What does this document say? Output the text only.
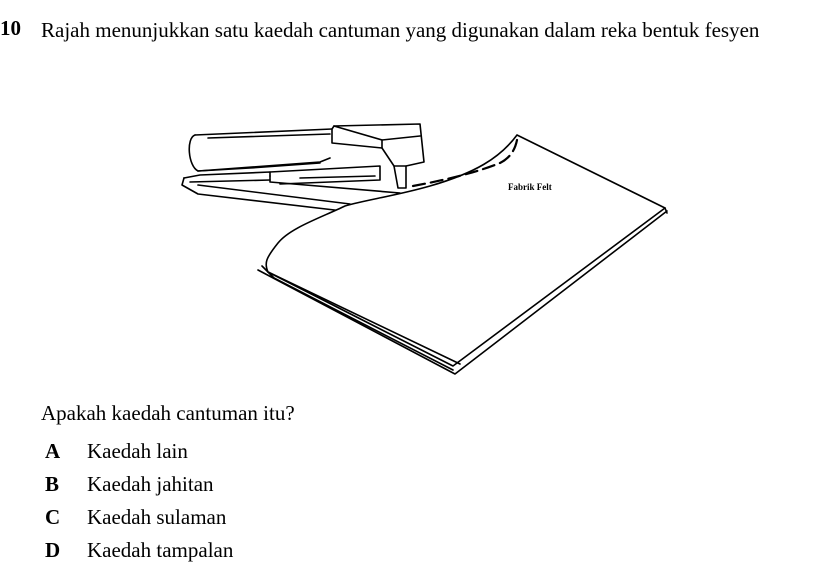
10 Rajah menunjukkan satu kaedah cantuman yang digunakan dalam reka bentuk fesyen
Fabrik Felt
Apakah kaedah cantuman itu?
A	Kaedah lain
B	Kaedah jahitan
C	Kaedah sulaman
D	Kaedah tampalan
